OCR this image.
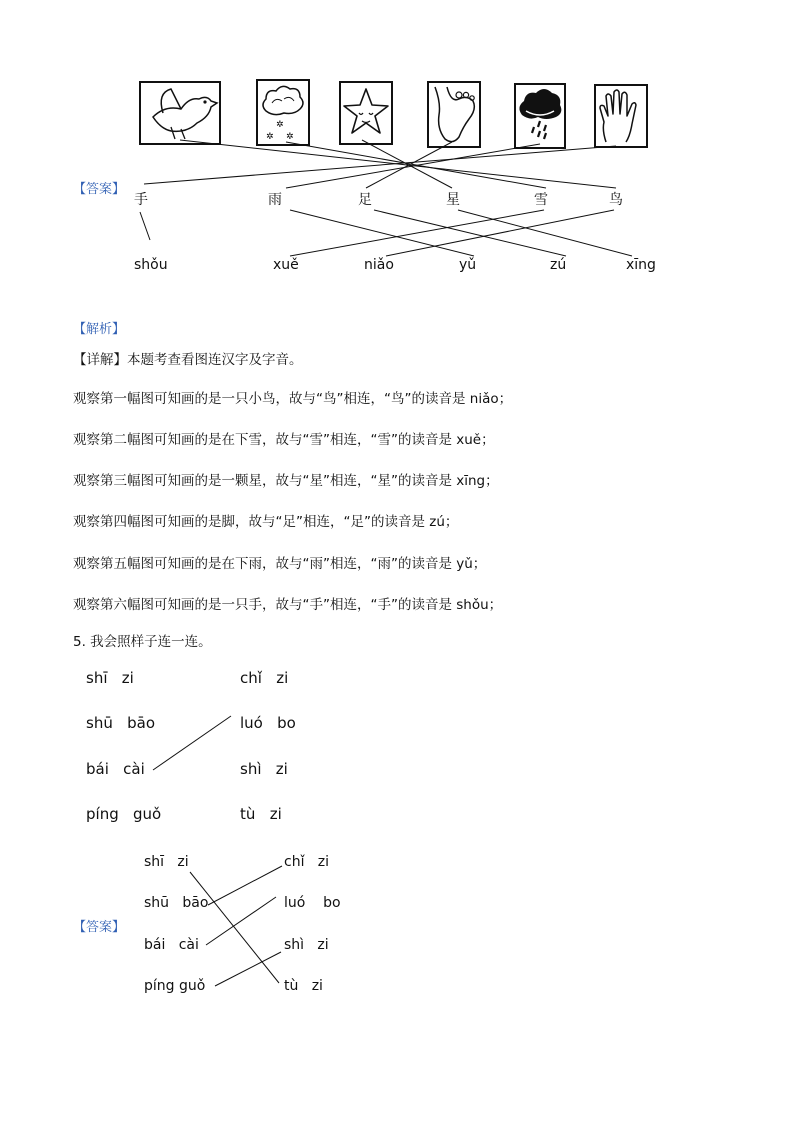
✲
✲ ✲
【答案】
手	雨	足	星	雪	鸟
shǒu	xuě	niǎo	yǔ	zú	xīng
【解析】
【详解】本题考查看图连汉字及字音。
观察第一幅图可知画的是一只小鸟，故与“鸟”相连，“鸟”的读音是 niǎo；
观察第二幅图可知画的是在下雪，故与“雪”相连，“雪”的读音是 xuě；
观察第三幅图可知画的是一颗星，故与“星”相连，“星”的读音是 xīng；
观察第四幅图可知画的是脚，故与“足”相连，“足”的读音是 zú；
观察第五幅图可知画的是在下雨，故与“雨”相连，“雨”的读音是 yǔ；
观察第六幅图可知画的是一只手，故与“手”相连，“手”的读音是 shǒu；
5. 我会照样子连一连。
shī   zi
shū   bāo
bái   cài
píng   guǒ
chǐ   zi
luó   bo
shì   zi
tù   zi
【答案】
shī   zi
shū   bāo
bái   cài
píng guǒ
chǐ   zi
luó    bo
shì   zi
tù   zi
